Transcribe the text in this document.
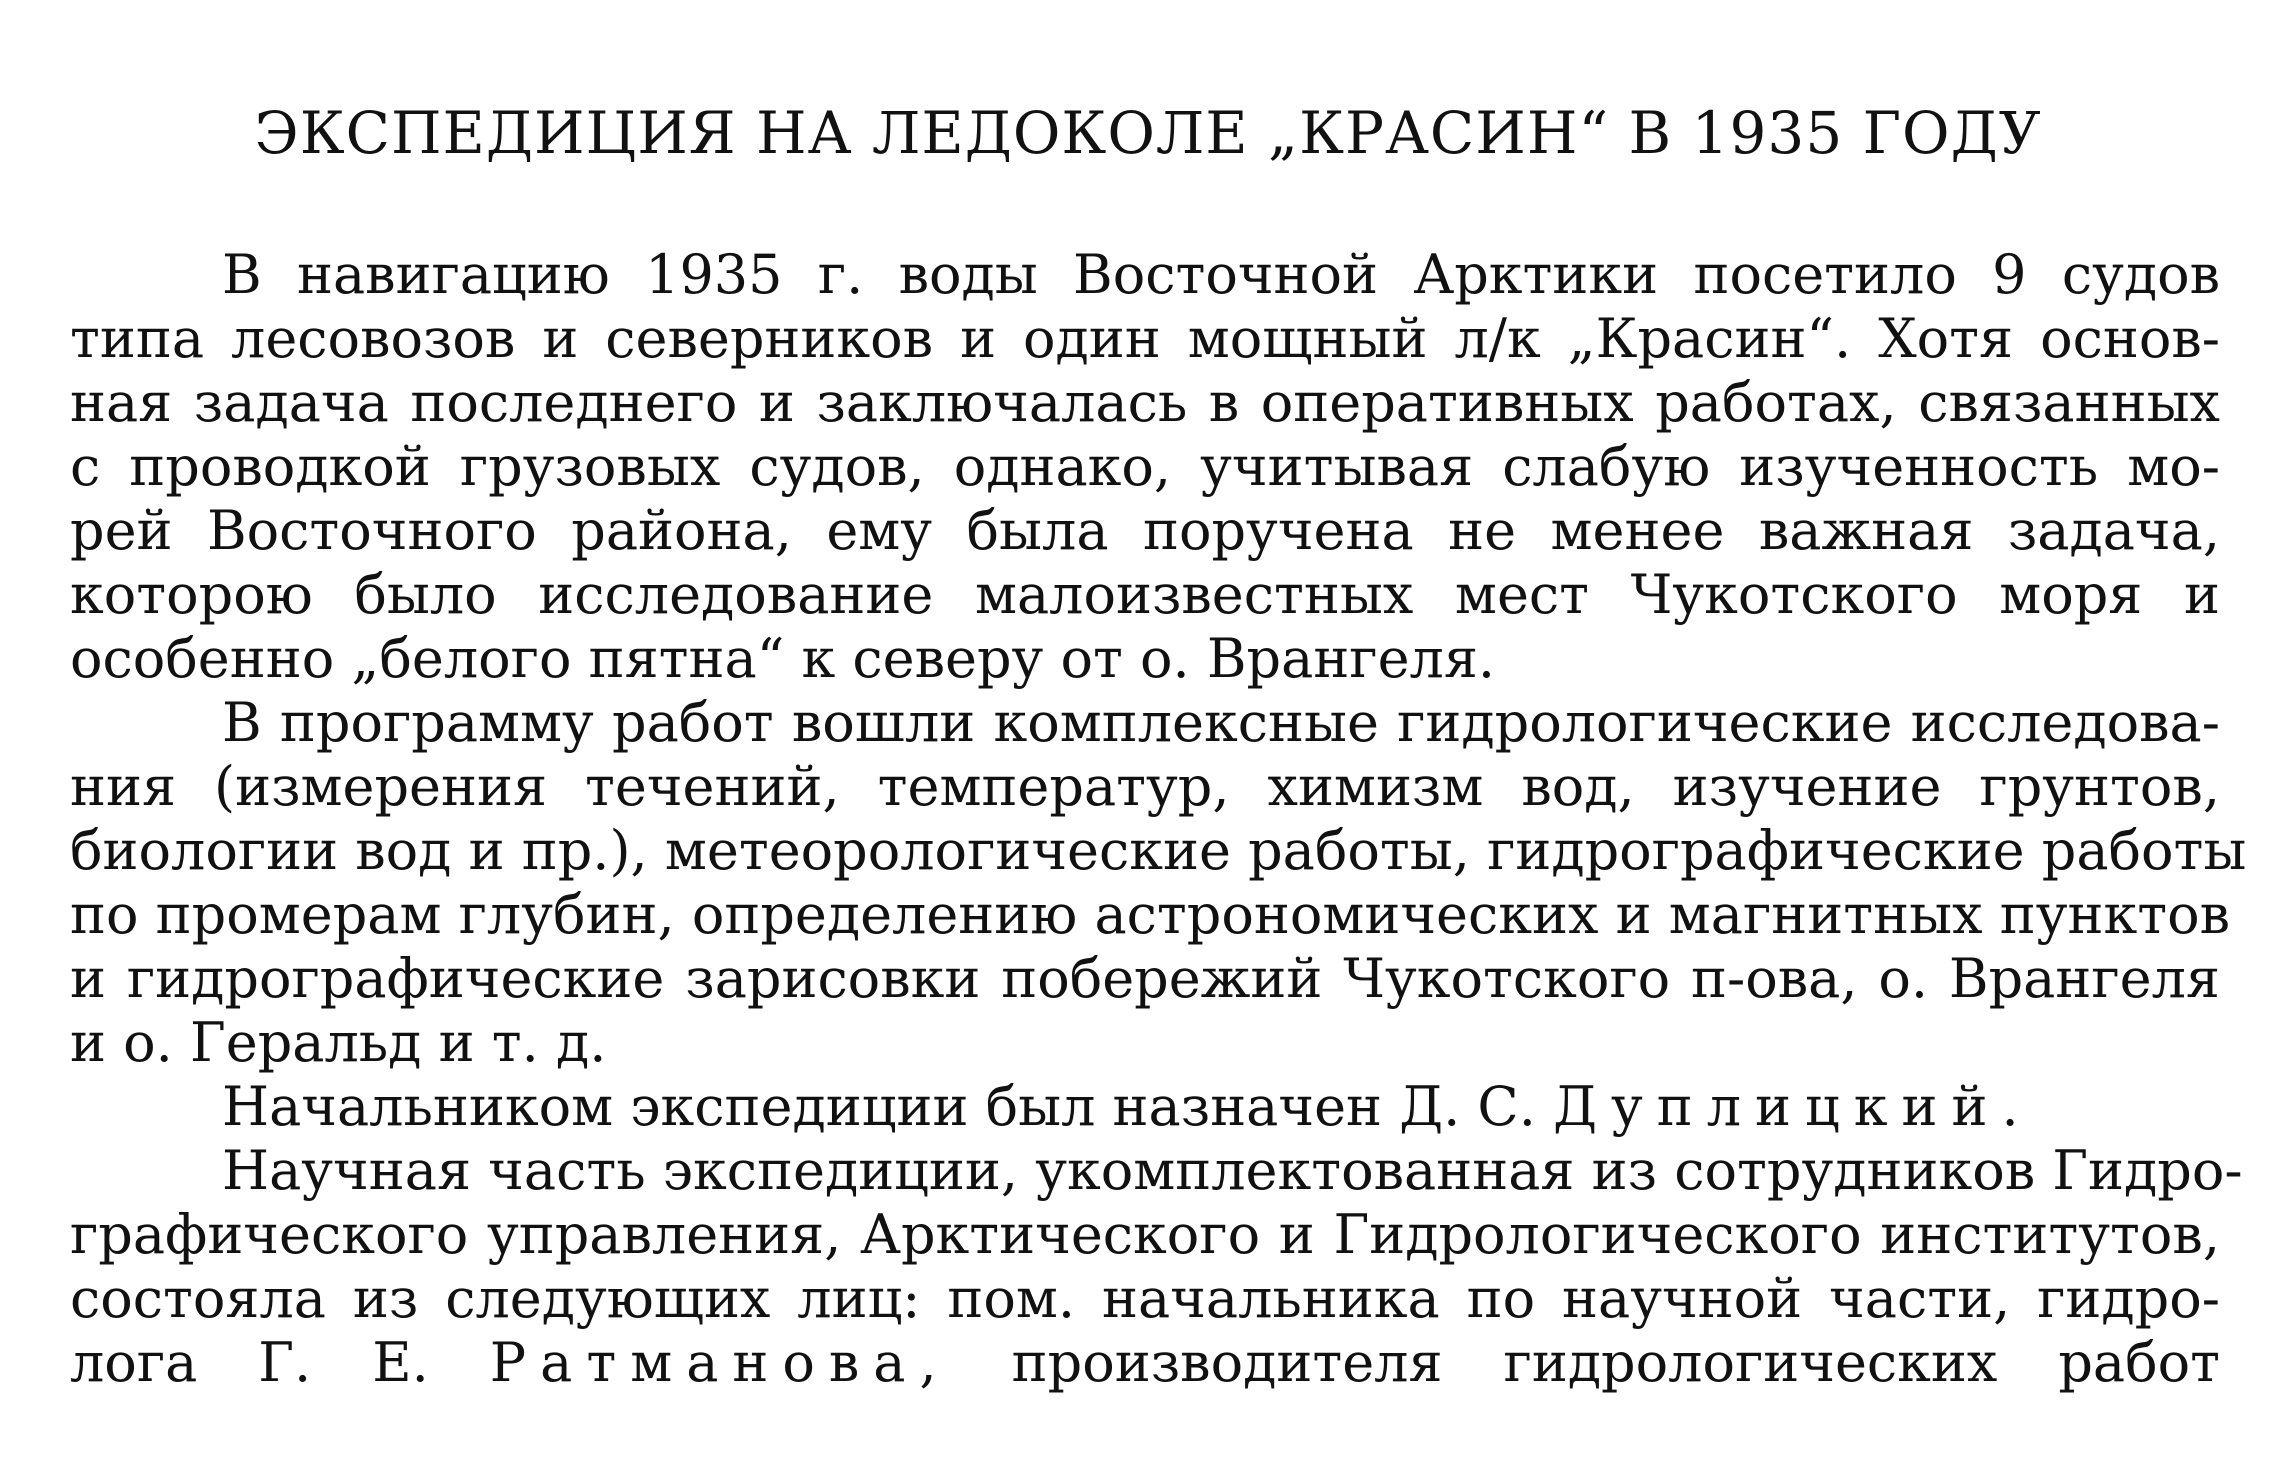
ЭКСПЕДИЦИЯ НА ЛЕДОКОЛЕ „КРАСИН“ В 1935 ГОДУ
В навигацию 1935 г. воды Восточной Арктики посетило 9 судов
типа лесовозов и северников и один мощный л/к „Красин“. Хотя основ-
ная задача последнего и заключалась в оперативных работах, связанных
с проводкой грузовых судов, однако, учитывая слабую изученность мо-
рей Восточного района, ему была поручена не менее важная задача,
которою было исследование малоизвестных мест Чукотского моря и
особенно „белого пятна“ к северу от о. Врангеля.
В программу работ вошли комплексные гидрологические исследова-
ния (измерения течений, температур, химизм вод, изучение грунтов,
биологии вод и пр.), метеорологические работы, гидрографические работы
по промерам глубин, определению астрономических и магнитных пунктов
и гидрографические зарисовки побережий Чукотского п-ова, о. Врангеля
и о. Геральд и т. д.
Начальником экспедиции был назначен Д. С. Дуплицкий.
Научная часть экспедиции, укомплектованная из сотрудников Гидро-
графического управления, Арктического и Гидрологического институтов,
состояла из следующих лиц: пом. начальника по научной части, гидро-
лога Г. Е. Ратманова, производителя гидрологических работ
